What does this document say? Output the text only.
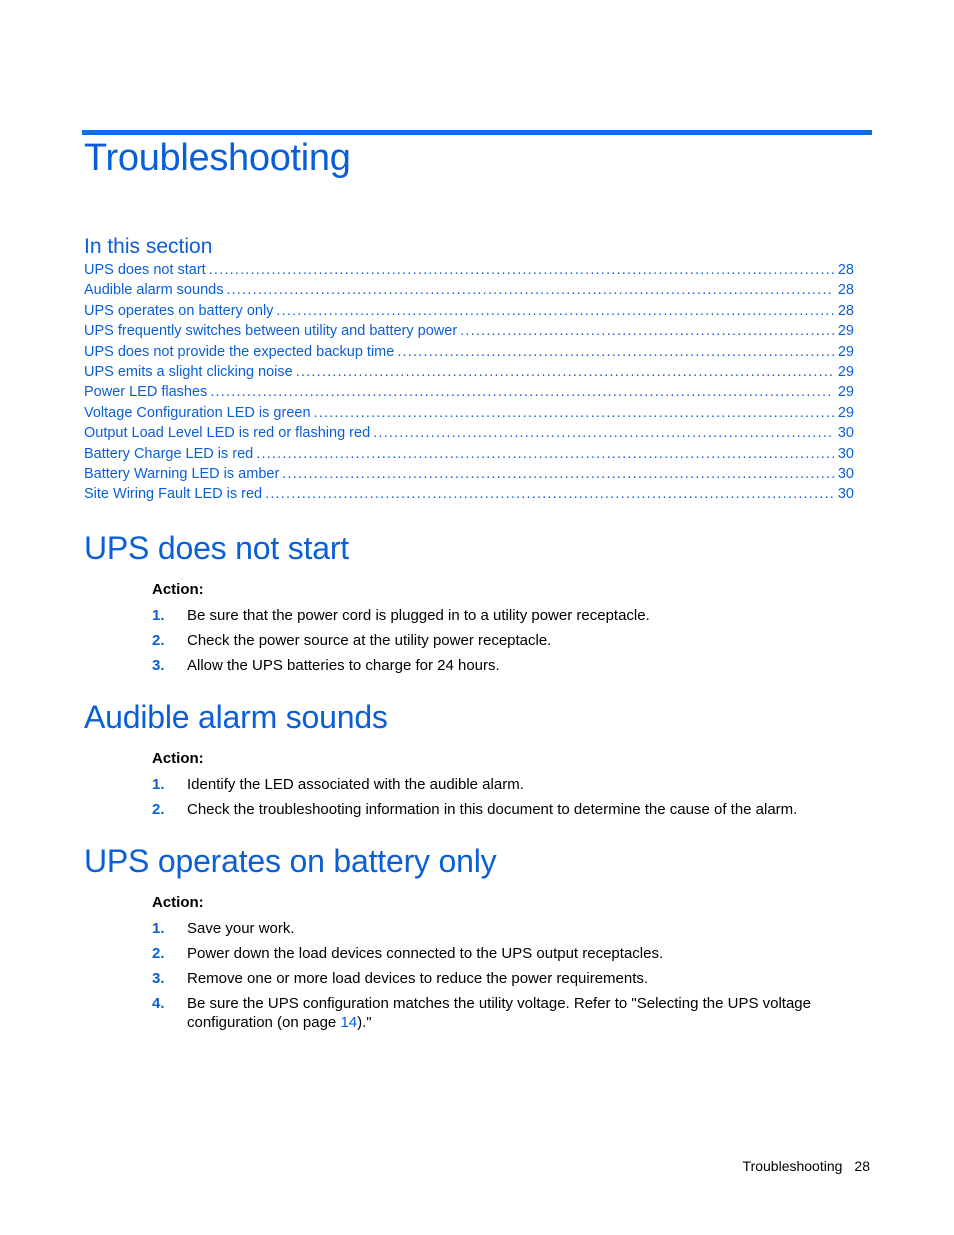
Troubleshooting
In this section
UPS does not start .....	28
Audible alarm sounds .....	28
UPS operates on battery only .....	28
UPS frequently switches between utility and battery power .....	29
UPS does not provide the expected backup time .....	29
UPS emits a slight clicking noise .....	29
Power LED flashes .....	29
Voltage Configuration LED is green .....	29
Output Load Level LED is red or flashing red .....	30
Battery Charge LED is red .....	30
Battery Warning LED is amber .....	30
Site Wiring Fault LED is red .....	30
UPS does not start

Action:

1. Be sure that the power cord is plugged in to a utility power receptacle.
2. Check the power source at the utility power receptacle.
3. Allow the UPS batteries to charge for 24 hours.
Audible alarm sounds

Action:

1. Identify the LED associated with the audible alarm.
2. Check the troubleshooting information in this document to determine the cause of the alarm.
UPS operates on battery only

Action:

1. Save your work.
2. Power down the load devices connected to the UPS output receptacles.
3. Remove one or more load devices to reduce the power requirements.
4. Be sure the UPS configuration matches the utility voltage. Refer to "Selecting the UPS voltage configuration (on page 14)."
Troubleshooting 28
